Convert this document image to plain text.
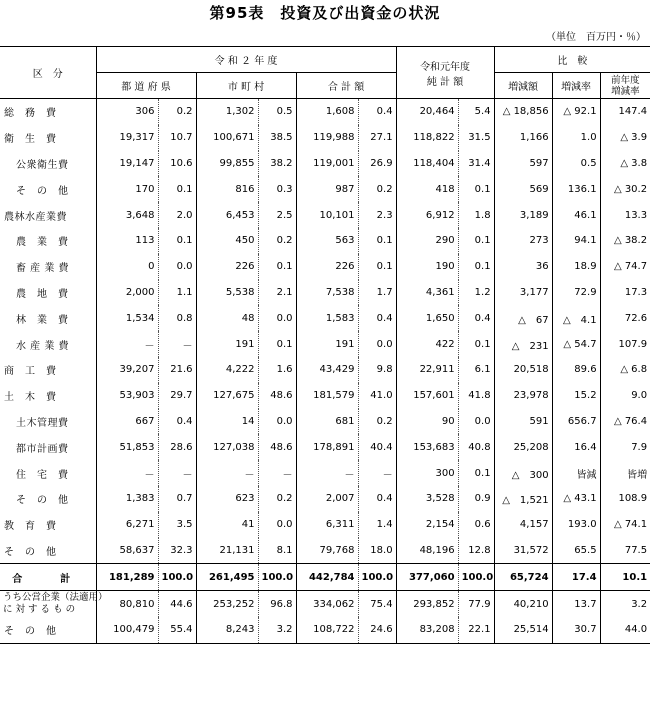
第95表　投資及び出資金の状況
（単位　百万円・％）
区　分	令 和 ２ 年 度						令和元年度
純 計 額		比　較		
	都 道 府 県		市 町 村		合 計 額				増減額	増減率	前年度
増減率

総　務　費	306	0.2	1,302	0.5	1,608	0.4	20,464	5.4	△ 18,856	△ 92.1	147.4
衛　生　費	19,317	10.7	100,671	38.5	119,988	27.1	118,822	31.5	1,166	1.0	△ 3.9
公衆衛生費	19,147	10.6	99,855	38.2	119,001	26.9	118,404	31.4	597	0.5	△ 3.8
そ　の　他	170	0.1	816	0.3	987	0.2	418	0.1	569	136.1	△ 30.2
農林水産業費	3,648	2.0	6,453	2.5	10,101	2.3	6,912	1.8	3,189	46.1	13.3
農　業　費	113	0.1	450	0.2	563	0.1	290	0.1	273	94.1	△ 38.2
畜 産 業 費	0	0.0	226	0.1	226	0.1	190	0.1	36	18.9	△ 74.7
農　地　費	2,000	1.1	5,538	2.1	7,538	1.7	4,361	1.2	3,177	72.9	17.3
林　業　費	1,534	0.8	48	0.0	1,583	0.4	1,650	0.4	△　67	△　4.1	72.6
水 産 業 費	－	－	191	0.1	191	0.0	422	0.1	△　231	△ 54.7	107.9
商　工　費	39,207	21.6	4,222	1.6	43,429	9.8	22,911	6.1	20,518	89.6	△ 6.8
土　木　費	53,903	29.7	127,675	48.6	181,579	41.0	157,601	41.8	23,978	15.2	9.0
土木管理費	667	0.4	14	0.0	681	0.2	90	0.0	591	656.7	△ 76.4
都市計画費	51,853	28.6	127,038	48.6	178,891	40.4	153,683	40.8	25,208	16.4	7.9
住　宅　費	－	－	－	－	－	－	300	0.1	△　300	皆減	皆増
そ　の　他	1,383	0.7	623	0.2	2,007	0.4	3,528	0.9	△　1,521	△ 43.1	108.9
教　育　費	6,271	3.5	41	0.0	6,311	1.4	2,154	0.6	4,157	193.0	△ 74.1
そ　の　他	58,637	32.3	21,131	8.1	79,768	18.0	48,196	12.8	31,572	65.5	77.5
合　計	181,289	100.0	261,495	100.0	442,784	100.0	377,060	100.0	65,724	17.4	10.1

うち公営企業（法適用）
に 対 す る も の	80,810	44.6	253,252	96.8	334,062	75.4	293,852	77.9	40,210	13.7	3.2
そ　の　他	100,479	55.4	8,243	3.2	108,722	24.6	83,208	22.1	25,514	30.7	44.0
